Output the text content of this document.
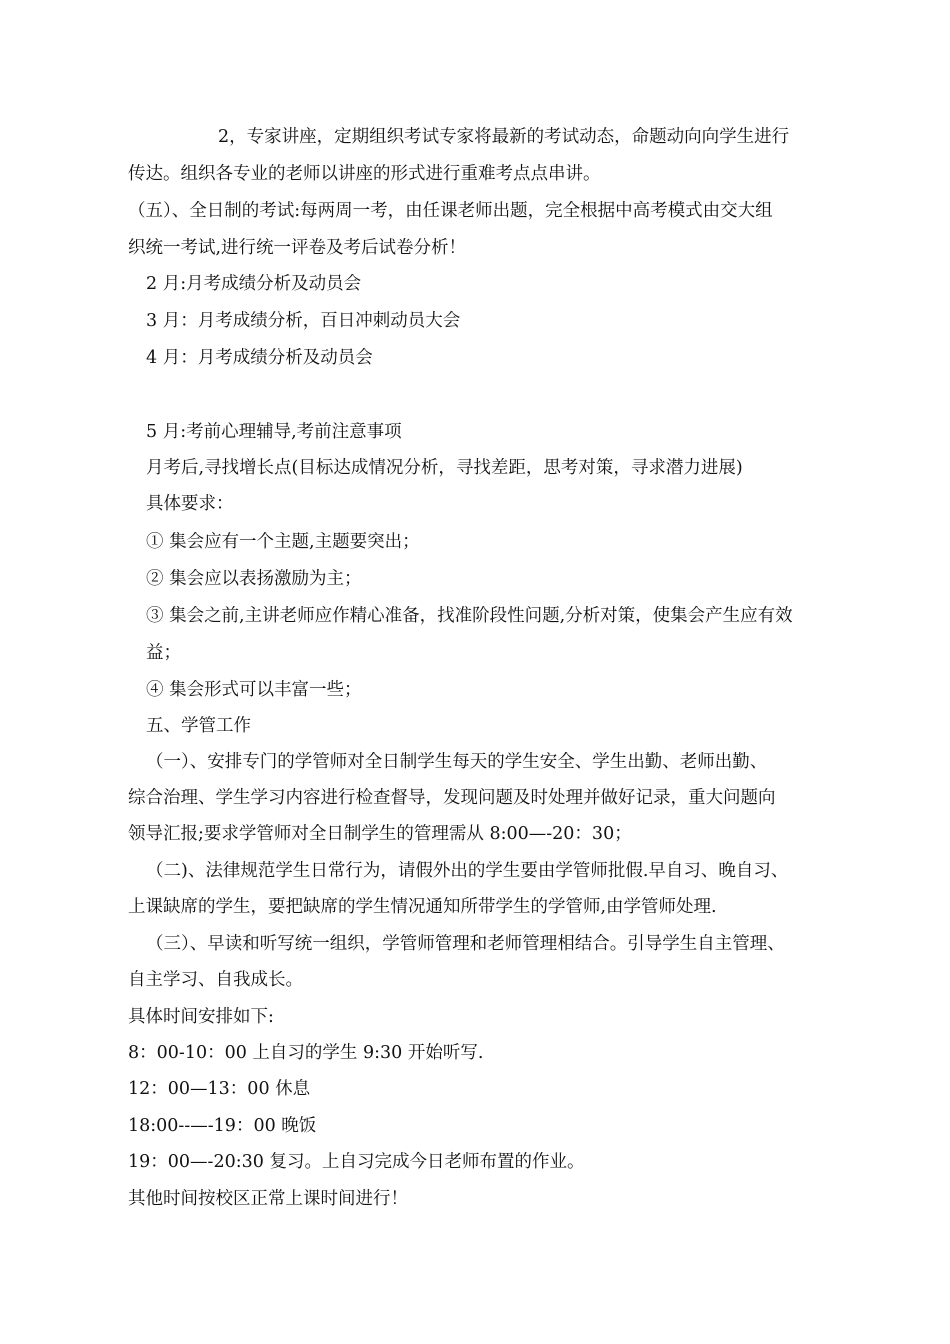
2，专家讲座，定期组织考试专家将最新的考试动态，命题动向向学生进行
传达。组织各专业的老师以讲座的形式进行重难考点点串讲。
（五）、全日制的考试:每两周一考，由任课老师出题，完全根据中高考模式由交大组
织统一考试,进行统一评卷及考后试卷分析！
2 月:月考成绩分析及动员会
3 月：月考成绩分析，百日冲刺动员大会
4 月：月考成绩分析及动员会
5 月:考前心理辅导,考前注意事项
月考后,寻找增长点(目标达成情况分析，寻找差距，思考对策，寻求潜力进展)
具体要求：
① 集会应有一个主题,主题要突出；
② 集会应以表扬激励为主；
③ 集会之前,主讲老师应作精心准备，找准阶段性问题,分析对策，使集会产生应有效
益；
④ 集会形式可以丰富一些；
五、学管工作
（一）、安排专门的学管师对全日制学生每天的学生安全、学生出勤、老师出勤、
综合治理、学生学习内容进行检查督导，发现问题及时处理并做好记录，重大问题向
领导汇报;要求学管师对全日制学生的管理需从 8:00—-20：30；
（二)、法律规范学生日常行为，请假外出的学生要由学管师批假.早自习、晚自习、
上课缺席的学生，要把缺席的学生情况通知所带学生的学管师,由学管师处理.
（三）、早读和听写统一组织，学管师管理和老师管理相结合。引导学生自主管理、
自主学习、自我成长。
具体时间安排如下:
8：00-10：00 上自习的学生 9:30 开始听写.
12：00—13：00 休息
18:00--—-19：00 晚饭
19：00—-20:30 复习。上自习完成今日老师布置的作业。
其他时间按校区正常上课时间进行！
